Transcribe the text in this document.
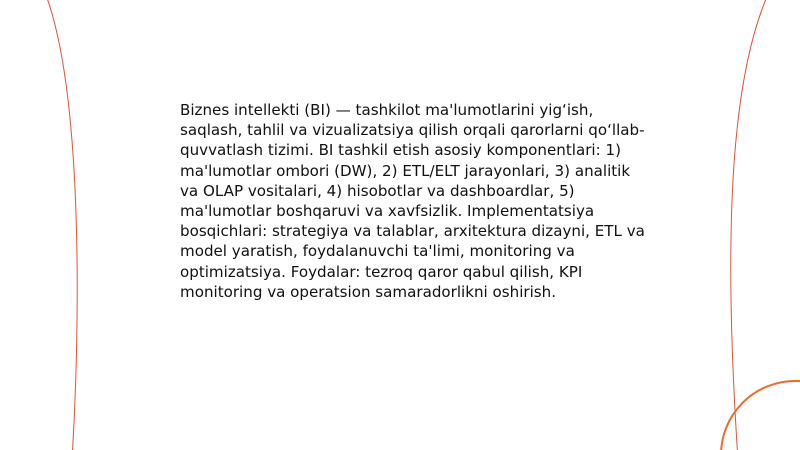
Biznes intellekti (BI) — tashkilot ma'lumotlarini yig‘ish, saqlash, tahlil va vizualizatsiya qilish orqali qarorlarni qo‘llab-quvvatlash tizimi. BI tashkil etish asosiy komponentlari: 1) ma'lumotlar ombori (DW), 2) ETL/ELT jarayonlari, 3) analitik va OLAP vositalari, 4) hisobotlar va dashboardlar, 5) ma'lumotlar boshqaruvi va xavfsizlik. Implementatsiya bosqichlari: strategiya va talablar, arxitektura dizayni, ETL va model yaratish, foydalanuvchi ta'limi, monitoring va optimizatsiya. Foydalar: tezroq qaror qabul qilish, KPI monitoring va operatsion samaradorlikni oshirish.
